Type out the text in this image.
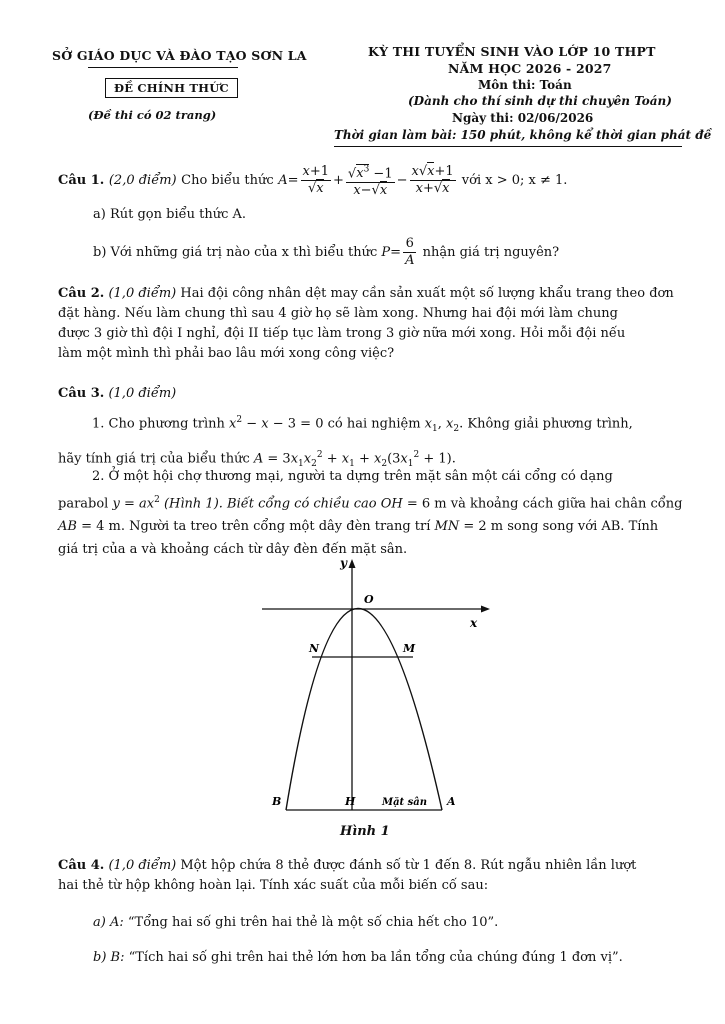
SỞ GIÁO DỤC VÀ ĐÀO TẠO SƠN LA
ĐỀ CHÍNH THỨC
(Đề thi có 02 trang)
KỲ THI TUYỂN SINH VÀO LỚP 10 THPT
NĂM HỌC 2026 - 2027
Môn thi: Toán
(Dành cho thí sinh dự thi chuyên Toán)
Ngày thi: 02/06/2026
Thời gian làm bài: 150 phút, không kể thời gian phát đề
Câu 1. (2,0 điểm) Cho biểu thức $A= \frac{x+1}{√x} + \frac{√x^3 -1}{x-√x} - \frac{x√x+1}{x+√x}$ với x > 0; x ≠ 1.
a) Rút gọn biểu thức A.
b) Với những giá trị nào của x thì biểu thức $P= \frac{6}{A}$ nhận giá trị nguyên?
Câu 2. (1,0 điểm) Hai đội công nhân dệt may cần sản xuất một số lượng khẩu trang theo đơn
đặt hàng. Nếu làm chung thì sau 4 giờ họ sẽ làm xong. Nhưng hai đội mới làm chung
được 3 giờ thì đội I nghỉ, đội II tiếp tục làm trong 3 giờ nữa mới xong. Hỏi mỗi đội nếu
làm một mình thì phải bao lâu mới xong công việc?
Câu 3. (1,0 điểm)
1. Cho phương trình $x^2 - x - 3 = 0$ có hai nghiệm $x_1$, $x_2$. Không giải phương trình,
hãy tính giá trị của biểu thức $A = 3x_1x_2^2 + x_1 + x_2(3x_1^2 + 1)$.
2. Ở một hội chợ thương mại, người ta dựng trên mặt sân một cái cổng có dạng
parabol $y = ax^2$ (Hình 1). Biết cổng có chiều cao OH = 6 m và khoảng cách giữa hai chân cổng
AB = 4 m. Người ta treo trên cổng một dây đèn trang trí MN = 2 m song song với AB. Tính
giá trị của a và khoảng cách từ dây đèn đến mặt sân.
y
x
O
N	M
B	H	A
Mặt sân
Hình 1
Câu 4. (1,0 điểm) Một hộp chứa 8 thẻ được đánh số từ 1 đến 8. Rút ngẫu nhiên lần lượt
hai thẻ từ hộp không hoàn lại. Tính xác suất của mỗi biến cố sau:
a) A: “Tổng hai số ghi trên hai thẻ là một số chia hết cho 10”.
b) B: “Tích hai số ghi trên hai thẻ lớn hơn ba lần tổng của chúng đúng 1 đơn vị”.
